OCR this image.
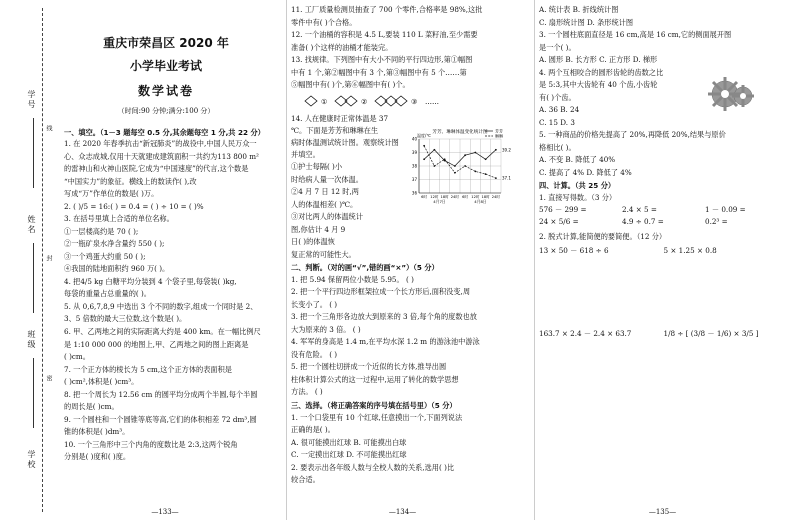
学号
姓名
班级
学校
线
封
密
重庆市荣昌区 2020 年
小学毕业考试
数学试卷
（时间:90 分钟;满分:100 分）
一、填空。（1－3 题每空 0.5 分,其余题每空 1 分,共 22 分）

1. 在 2020 年春季抗击“新冠肺炎”的战役中,中国人民万众一

心、众志成城,仅用十天就建成建筑面积一共约为113 800 m²

的雷神山和火神山医院,它成为“中国速度”的代言,这个数是

“中国实力”的象征。横线上的数读作( ),改

写成“万”作单位的数是( )万。

2. ( )/5 = 16:( ) = 0.4 = ( ) ÷ 10 = ( )%

3. 在括号里填上合适的单位名称。

①一层楼高约是 70 ( );

②一瓶矿泉水净含量约 550 ( );

③一个鸡蛋大约重 50 ( );

④我国的陆地面积约 960 万( )。

4. 把4/5 kg 白糖平均分装到 4 个袋子里,每袋装( )kg,

每袋的重量占总重量的( )。

5. 从 0,6,7,8,9 中选出 3 个不同的数字,组成一个同时是 2、

3、5 倍数的最大三位数,这个数是( )。

6. 甲、乙两地之间的实际距离大约是 400 km。在一幅比例尺

是 1:10 000 000 的地图上,甲、乙两地之间的图上距离是

( )cm。

7. 一个正方体的棱长为 5 cm,这个正方体的表面积是

( )cm²,体积是( )cm³。

8. 把一个周长为 12.56 cm 的圆平均分成两个半圆,每个半圆

的周长是( )cm。

9. 一个圆柱和一个圆锥等底等高,它们的体积相差 72 dm³,圆

锥的体积是( )dm³。

10. 一个三角形中三个内角的度数比是 2:3,这两个锐角

分别是( )度和( )度。

—133—

11. 工厂质量检测员抽查了 700 个零件,合格率是 98%,这批

零件中有( )个合格。

12. 一个油桶的容积是 4.5 L,要装 110 L 菜籽油,至少需要

准备( )个这样的油桶才能装完。

13. 找规律。下列图中有大小不同的平行四边形,第①幅图

中有 1 个,第②幅图中有 3 个,第③幅图中有 5 个……第

⑤幅图中有( )个,第⑥幅图中有( )个。

①	②	③ ……

14. 人在健康时正常体温是 37 ℃。下面是芳芳和琳琳在生

病时体温测试统计图。观察统计图并填空。

①护士每隔( )小

时给病人量一次体温。

②4 月 7 日 12 时,两

人的体温相差( )℃。

③对比两人的体温统计

图,你估计 4 月 9

日( )的体温恢

复正常的可能性大。

芳芳、琳琳体温变化统计图
温度/℃
36
37
38
39
40
6时 12时 18时 24时 6时 12时 18时 24时
4月7日	4月8日
芳芳
琳琳
39.2
37.1
二、判断。（对的画“√”,错的画“×”）（5 分）

1. 把 5.94 保留两位小数是 5.95。 ( )

2. 把一个平行四边形框架拉成一个长方形后,面积没变,周

长变小了。 ( )

3. 把一个三角形各边放大到原来的 3 倍,每个角的度数也放

大为原来的 3 倍。 ( )

4. 军军的身高是 1.4 m,在平均水深 1.2 m 的游泳池中游泳

没有危险。 ( )

5. 把一个圆柱切拼成一个近似的长方体,推导出圆

柱体积计算公式的这一过程中,运用了转化的数学思想

方法。 ( )

三、选择。（将正确答案的序号填在括号里）（5 分）

1. 一个口袋里有 10 个红球,任意摸出一个,下面列说法

正确的是( )。

A. 很可能摸出红球 B. 可能摸出白球

C. 一定摸出红球 D. 不可能摸出红球

2. 要表示出各年级人数与全校人数的关系,选用( )比

较合适。

—134—

A. 统计表 B. 折线统计图

C. 扇形统计图 D. 条形统计图

3. 一个圆柱底面直径是 16 cm,高是 16 cm,它的侧面展开图

是一个( )。

A. 圆形 B. 长方形 C. 正方形 D. 梯形

4. 两个互相咬合的圆形齿轮的齿数之比

是 5:3,其中大齿轮有 40 个齿,小齿轮

有( )个齿。

A. 36 B. 24

C. 15 D. 3

5. 一种商品的价格先提高了 20%,再降低 20%,结果与原价

格相比( )。

A. 不变 B. 降低了 40%

C. 提高了 4% D. 降低了 4%

四、计算。（共 25 分）

1. 直接写得数。（3 分）

576 － 299 =	2.4 × 5 =	1 － 0.09 =
24 × 5/6 =	4.9 ÷ 0.7 =	0.2³ =

2. 脱式计算,能简便的要简便。（12 分）

13 × 50 － 618 ÷ 6	5 × 1.25 × 0.8
163.7 × 2.4 － 2.4 × 63.7	1/8 ÷ [ (3/8 － 1/6) × 3/5 ]
—135—
